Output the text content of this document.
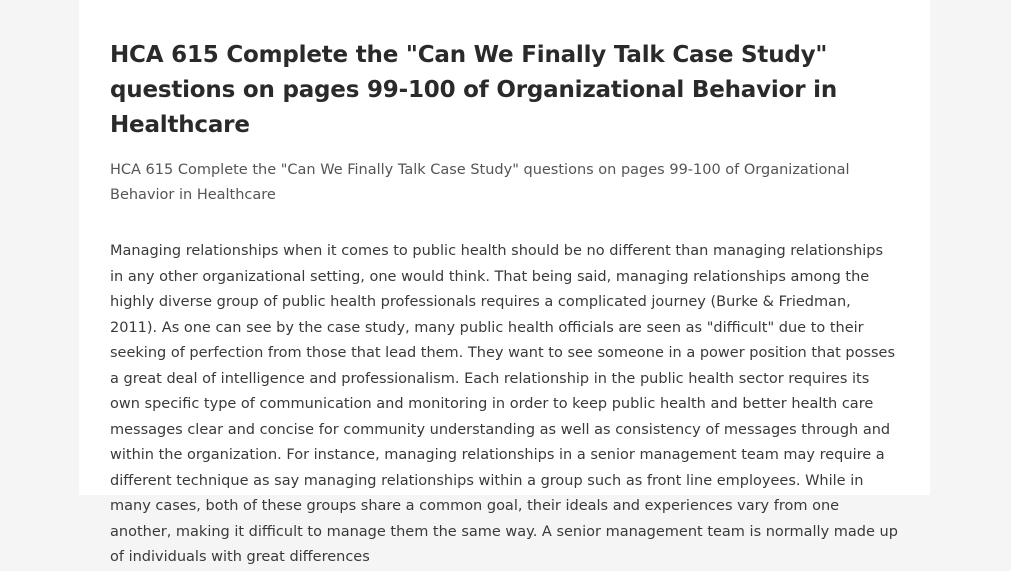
HCA 615 Complete the "Can We Finally Talk Case Study" questions on pages 99-100 of Organizational Behavior in Healthcare

HCA 615 Complete the "Can We Finally Talk Case Study" questions on pages 99-100 of Organizational Behavior in Healthcare

Managing relationships when it comes to public health should be no different than managing relationships in any other organizational setting, one would think. That being said, managing relationships among the highly diverse group of public health professionals requires a complicated journey (Burke & Friedman, 2011). As one can see by the case study, many public health officials are seen as "difficult" due to their seeking of perfection from those that lead them. They want to see someone in a power position that posses a great deal of intelligence and professionalism. Each relationship in the public health sector requires its own specific type of communication and monitoring in order to keep public health and better health care messages clear and concise for community understanding as well as consistency of messages through and within the organization. For instance, managing relationships in a senior management team may require a different technique as say managing relationships within a group such as front line employees. While in many cases, both of these groups share a common goal, their ideals and experiences vary from one another, making it difficult to manage them the same way. A senior management team is normally made up of individuals with great differences
